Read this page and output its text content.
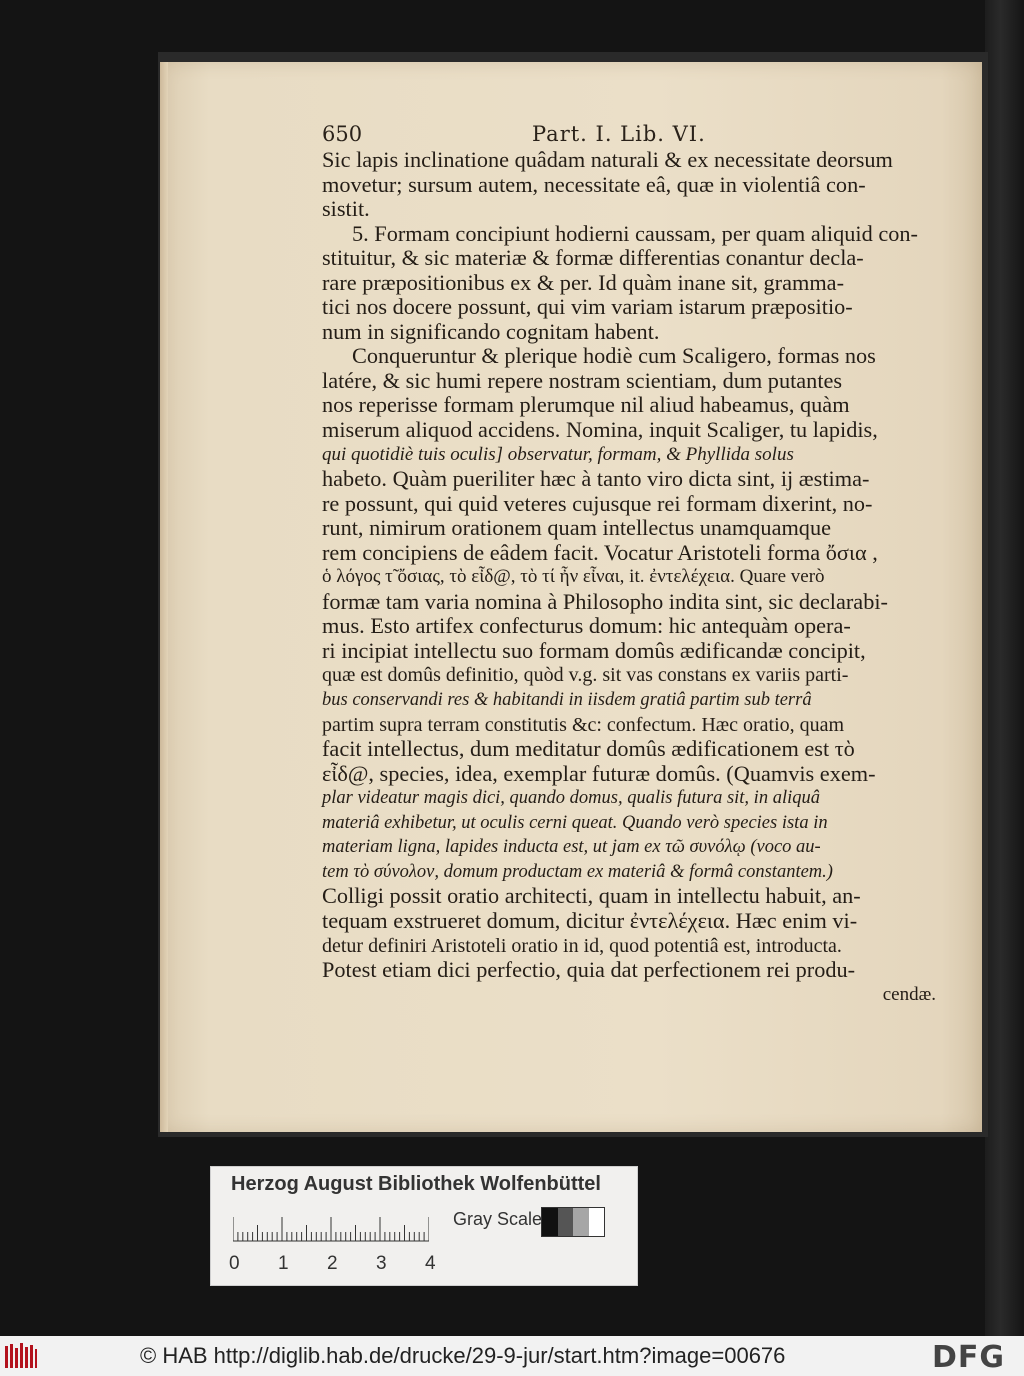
650	Part. I. Lib. VI.
Sic lapis inclinatione quâdam naturali & ex necessitate deorsum
movetur; sursum autem, necessitate eâ, quæ in violentiâ con-
sistit.
5. Formam concipiunt hodierni caussam, per quam aliquid con-
stituitur, & sic materiæ & formæ differentias conantur decla-
rare præpositionibus ex & per. Id quàm inane sit, gramma-
tici nos docere possunt, qui vim variam istarum præpositio-
num in significando cognitam habent.
Conqueruntur & plerique hodiè cum Scaligero, formas nos
latére, & sic humi repere nostram scientiam, dum putantes
nos reperisse formam plerumque nil aliud habeamus, quàm
miserum aliquod accidens. Nomina, inquit Scaliger, tu lapidis,
qui quotidiè tuis oculis] observatur, formam, & Phyllida solus
habeto. Quàm pueriliter hæc à tanto viro dicta sint, ij æstima-
re possunt, qui quid veteres cujusque rei formam dixerint, no-
runt, nimirum orationem quam intellectus unamquamque
rem concipiens de eâdem facit. Vocatur Aristoteli forma ὄσια ,
ὁ λόγος τ̃ ὄσιας, τὸ εἶδ@, τὸ τί ἦν εἶναι, it. ἐντελέχεια. Quare verò
formæ tam varia nomina à Philosopho indita sint, sic declarabi-
mus. Esto artifex confecturus domum: hic antequàm opera-
ri incipiat intellectu suo formam domûs ædificandæ concipit,
quæ est domûs definitio, quòd v.g. sit vas constans ex variis parti-
bus conservandi res & habitandi in iisdem gratiâ partim sub terrâ
partim supra terram constitutis &c: confectum. Hæc oratio, quam
facit intellectus, dum meditatur domûs ædificationem est τὸ
εἶδ@, species, idea, exemplar futuræ domûs. (Quamvis exem-
plar videatur magis dici, quando domus, qualis futura sit, in aliquâ
materiâ exhibetur, ut oculis cerni queat. Quando verò species ista in
materiam ligna, lapides inducta est, ut jam ex τῶ συνόλῳ (voco au-
tem τὸ σύνολον, domum productam ex materiâ & formâ constantem.)
Colligi possit oratio architecti, quam in intellectu habuit, an-
tequam exstrueret domum, dicitur ἐντελέχεια. Hæc enim vi-
detur definiri Aristoteli oratio in id, quod potentiâ est, introducta.
Potest etiam dici perfectio, quia dat perfectionem rei produ-
cendæ.
Herzog August Bibliothek Wolfenbüttel
Gray Scale
0 1 2 3 4
© HAB http://diglib.hab.de/drucke/29-9-jur/start.htm?image=00676	DFG
